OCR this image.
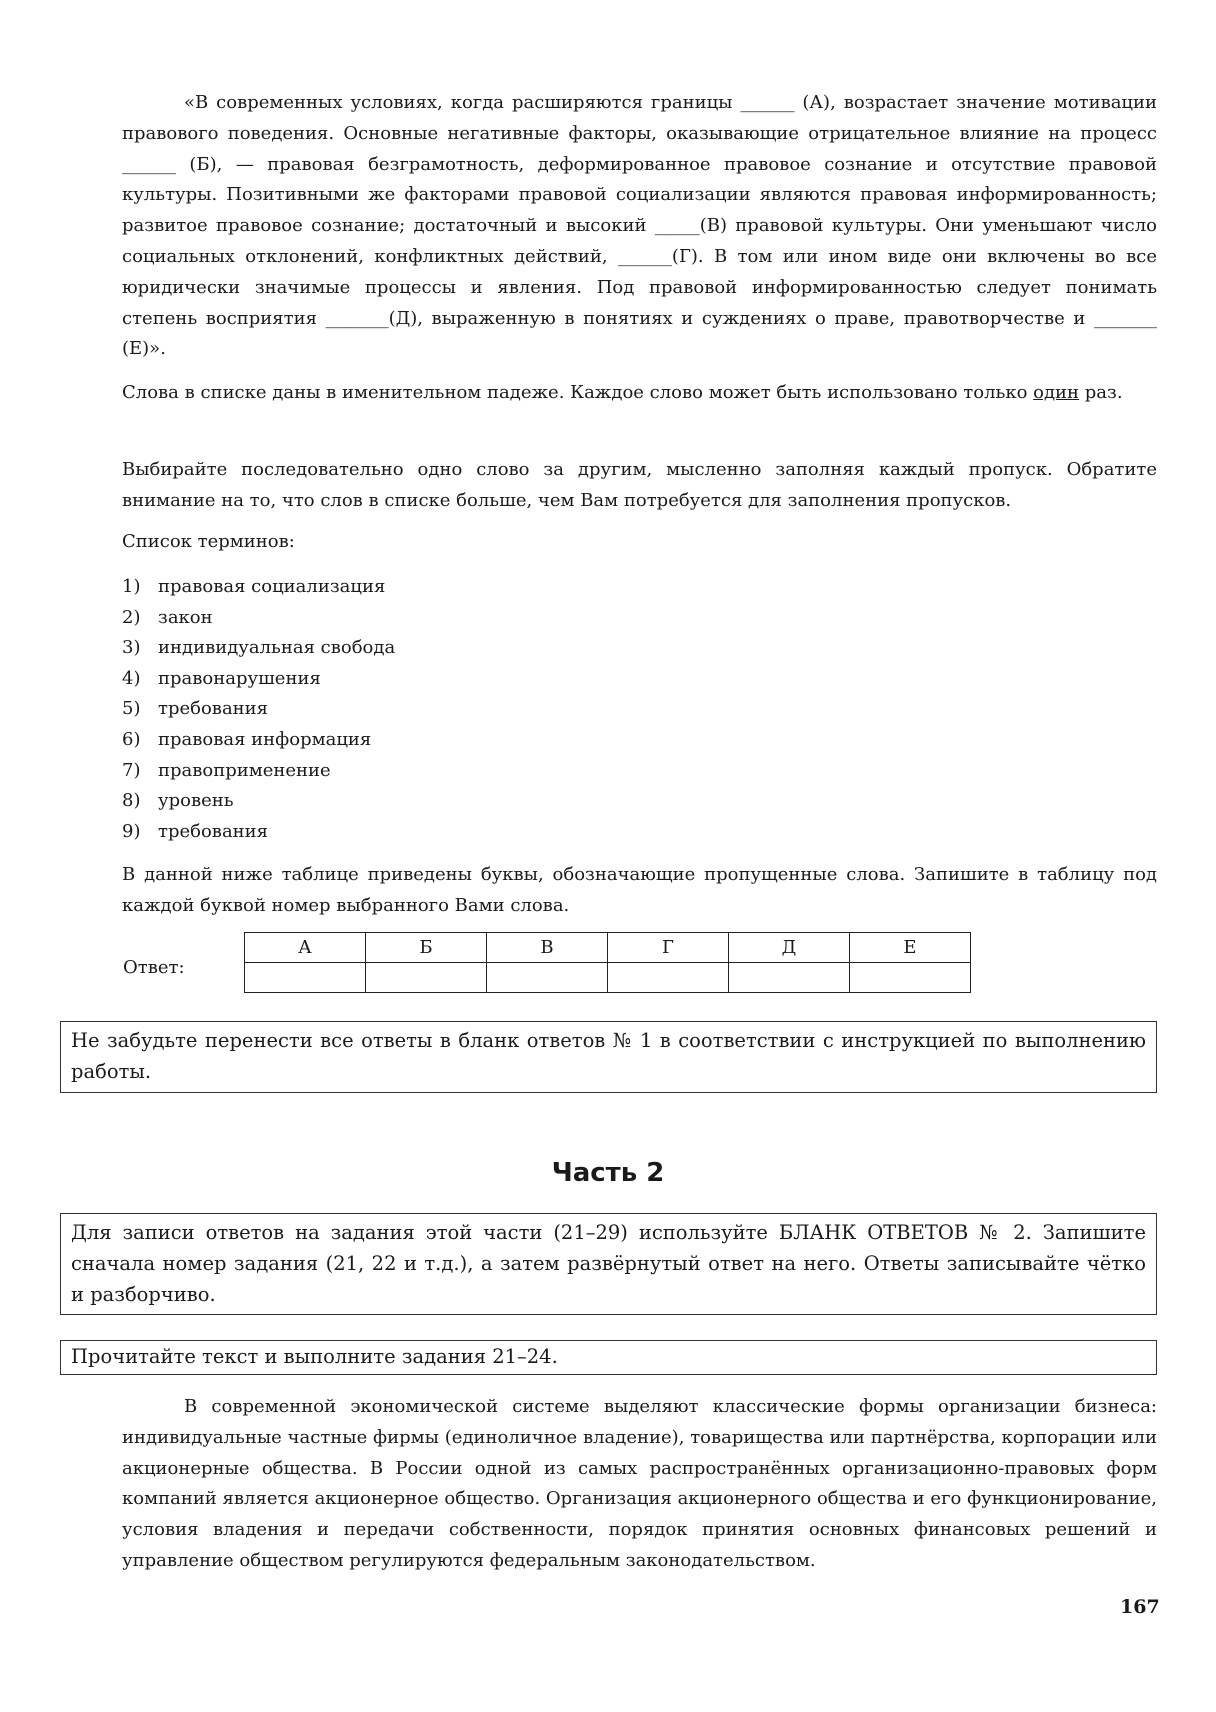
«В современных условиях, когда расширяются границы ______ (А), возрастает значение мотивации правового поведения. Основные негативные факторы, оказывающие отрицательное влияние на процесс ______ (Б), — правовая безграмотность, деформированное правовое сознание и отсутствие правовой культуры. Позитивными же факторами правовой социализации являются правовая информированность; развитое правовое сознание; достаточный и высокий _____(В) правовой культуры. Они уменьшают число социальных отклонений, конфликтных действий, ______(Г). В том или ином виде они включены во все юридически значимые процессы и явления. Под правовой информированностью следует понимать степень восприятия _______(Д), выраженную в понятиях и суждениях о праве, правотворчестве и _______ (Е)».
Слова в списке даны в именительном падеже. Каждое слово может быть использовано только один раз.
Выбирайте последовательно одно слово за другим, мысленно заполняя каждый пропуск. Обратите внимание на то, что слов в списке больше, чем Вам потребуется для заполнения пропусков.
Список терминов:
1) правовая социализация
2) закон
3) индивидуальная свобода
4) правонарушения
5) требования
6) правовая информация
7) правоприменение
8) уровень
9) требования
В данной ниже таблице приведены буквы, обозначающие пропущенные слова. Запишите в таблицу под каждой буквой номер выбранного Вами слова.
Ответ:
А	Б	В	Г	Д	Е

Не забудьте перенести все ответы в бланк ответов № 1 в соответствии с инструкцией по выполнению работы.
Часть 2
Для записи ответов на задания этой части (21–29) используйте БЛАНК ОТВЕТОВ № 2. Запишите сначала номер задания (21, 22 и т.д.), а затем развёрнутый ответ на него. Ответы записывайте чётко и разборчиво.
Прочитайте текст и выполните задания 21–24.
В современной экономической системе выделяют классические формы организации бизнеса: индивидуальные частные фирмы (единоличное владение), товарищества или партнёрства, корпорации или акционерные общества. В России одной из самых распространённых организационно-правовых форм компаний является акционерное общество. Организация акционерного общества и его функционирование, условия владения и передачи собственности, порядок принятия основных финансовых решений и управление обществом регулируются федеральным законодательством.
167
